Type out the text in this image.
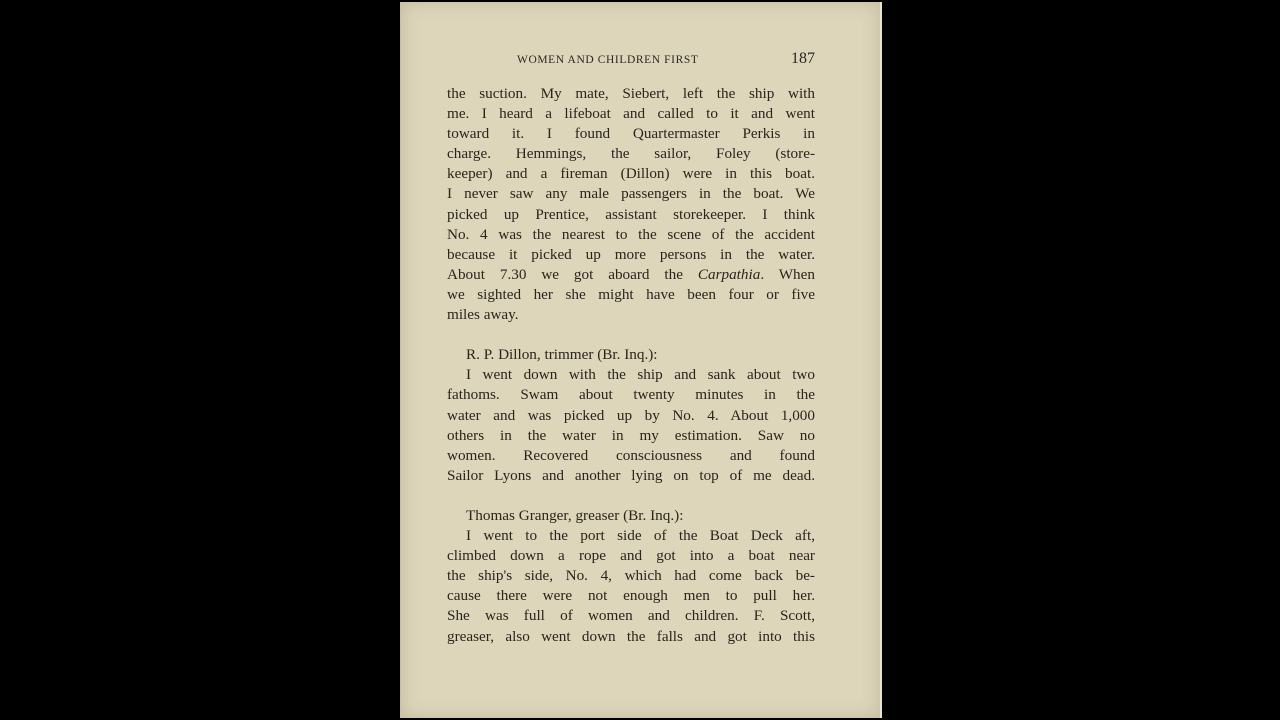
WOMEN AND CHILDREN FIRST	187
the suction. My mate, Siebert, left the ship with
me. I heard a lifeboat and called to it and went
toward it. I found Quartermaster Perkis in
charge. Hemmings, the sailor, Foley (store-
keeper) and a fireman (Dillon) were in this boat.
I never saw any male passengers in the boat. We
picked up Prentice, assistant storekeeper. I think
No. 4 was the nearest to the scene of the accident
because it picked up more persons in the water.
About 7.30 we got aboard the Carpathia. When
we sighted her she might have been four or five
miles away.
R. P. Dillon, trimmer (Br. Inq.):
I went down with the ship and sank about two
fathoms. Swam about twenty minutes in the
water and was picked up by No. 4. About 1,000
others in the water in my estimation. Saw no
women. Recovered consciousness and found
Sailor Lyons and another lying on top of me dead.
Thomas Granger, greaser (Br. Inq.):
I went to the port side of the Boat Deck aft,
climbed down a rope and got into a boat near
the ship's side, No. 4, which had come back be-
cause there were not enough men to pull her.
She was full of women and children. F. Scott,
greaser, also went down the falls and got into this
